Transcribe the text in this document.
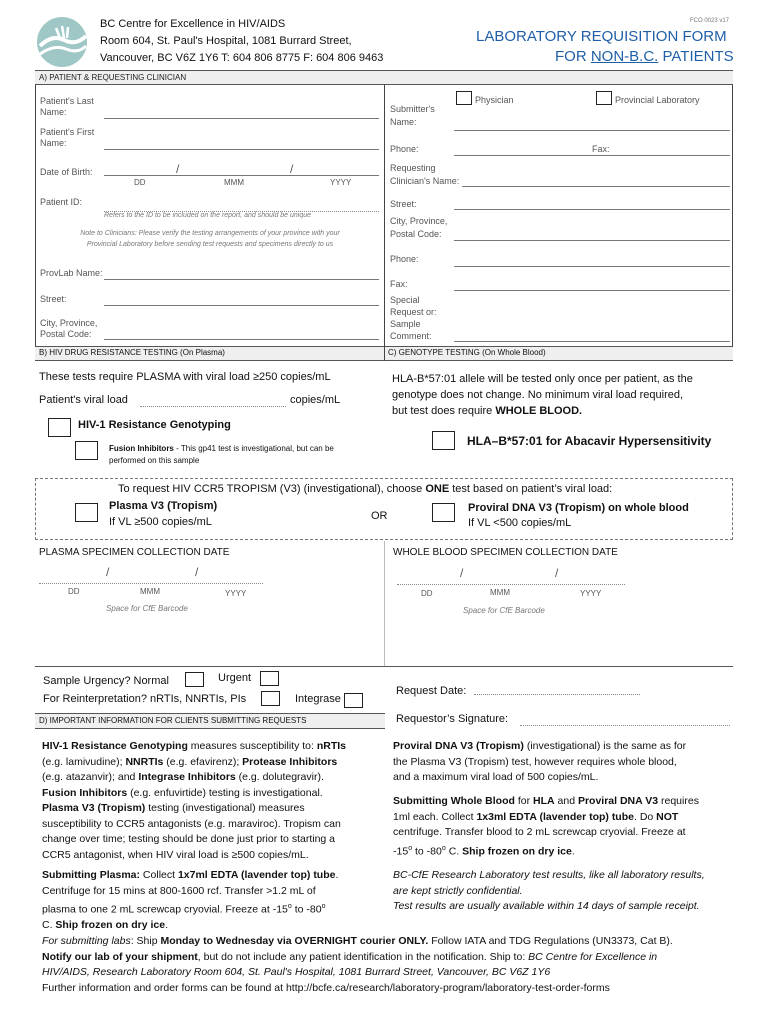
BC Centre for Excellence in HIV/AIDS
Room 604, St. Paul's Hospital, 1081 Burrard Street,
Vancouver, BC V6Z 1Y6 T: 604 806 8775 F: 604 806 9463
FCO 0023 v17
LABORATORY REQUISITION FORM
FOR NON-B.C. PATIENTS
A) PATIENT & REQUESTING CLINICIAN
Patient's Last
Name:
Patient's First
Name:
Date of Birth:	/	/
DD	MMM	YYYY
Patient ID:
Refers to the ID to be included on the report, and should be unique
Note to Clinicians: Please verify the testing arrangements of your province with your
Provincial Laboratory before sending test requests and specimens directly to us
ProvLab Name:
Street:
City, Province,
Postal Code:
Physician	Provincial Laboratory
Submitter's
Name:
Phone:	Fax:
Requesting
Clinician's Name:
Street:
City, Province,
Postal Code:
Phone:
Fax:
Special
Request or:
Sample
Comment:
B) HIV DRUG RESISTANCE TESTING (On Plasma)	C) GENOTYPE TESTING (On Whole Blood)
These tests require PLASMA with viral load ≥250 copies/mL
Patient's viral load	copies/mL
HIV-1 Resistance Genotyping
Fusion Inhibitors - This gp41 test is investigational, but can be
performed on this sample
HLA-B*57:01 allele will be tested only once per patient, as the
genotype does not change. No minimum viral load required,
but test does require WHOLE BLOOD.
HLA–B*57:01 for Abacavir Hypersensitivity
To request HIV CCR5 TROPISM (V3) (investigational), choose ONE test based on patient’s viral load:
Plasma V3 (Tropism)
If VL ≥500 copies/mL	OR
Proviral DNA V3 (Tropism) on whole blood
If VL <500 copies/mL
PLASMA SPECIMEN COLLECTION DATE	WHOLE BLOOD SPECIMEN COLLECTION DATE
/	/
DD	MMM	YYYY
Space for CfE Barcode
/	/
DD	MMM	YYYY
Space for CfE Barcode
Sample Urgency? Normal	Urgent
For Reinterpretation? nRTIs, NNRTIs, PIs	Integrase
Request Date:
Requestor’s Signature:
D) IMPORTANT INFORMATION FOR CLIENTS SUBMITTING REQUESTS
HIV-1 Resistance Genotyping measures susceptibility to: nRTIs
(e.g. lamivudine); NNRTIs (e.g. efavirenz); Protease Inhibitors
(e.g. atazanvir); and Integrase Inhibitors (e.g. dolutegravir).
Fusion Inhibitors (e.g. enfuvirtide) testing is investigational.
Plasma V3 (Tropism) testing (investigational) measures
susceptibility to CCR5 antagonists (e.g. maraviroc). Tropism can
change over time; testing should be done just prior to starting a
CCR5 antagonist, when HIV viral load is ≥500 copies/mL.
Submitting Plasma: Collect 1x7ml EDTA (lavender top) tube.
Centrifuge for 15 mins at 800-1600 rcf. Transfer >1.2 mL of
plasma to one 2 mL screwcap cryovial. Freeze at -15$^o$ to -80$^o$
C. Ship frozen on dry ice.
Proviral DNA V3 (Tropism) (investigational) is the same as for
the Plasma V3 (Tropism) test, however requires whole blood,
and a maximum viral load of 500 copies/mL.
Submitting Whole Blood for HLA and Proviral DNA V3 requires
1ml each. Collect 1x3ml EDTA (lavender top) tube. Do NOT
centrifuge. Transfer blood to 2 mL screwcap cryovial. Freeze at
-15$^o$ to -80$^o$ C. Ship frozen on dry ice.
BC-CfE Research Laboratory test results, like all laboratory results,
are kept strictly confidential.
Test results are usually available within 14 days of sample receipt.
For submitting labs: Ship Monday to Wednesday via OVERNIGHT courier ONLY. Follow IATA and TDG Regulations (UN3373, Cat B).
Notify our lab of your shipment, but do not include any patient identification in the notification. Ship to: BC Centre for Excellence in
HIV/AIDS, Research Laboratory Room 604, St. Paul's Hospital, 1081 Burrard Street, Vancouver, BC V6Z 1Y6
Further information and order forms can be found at http://bcfe.ca/research/laboratory-program/laboratory-test-order-forms
